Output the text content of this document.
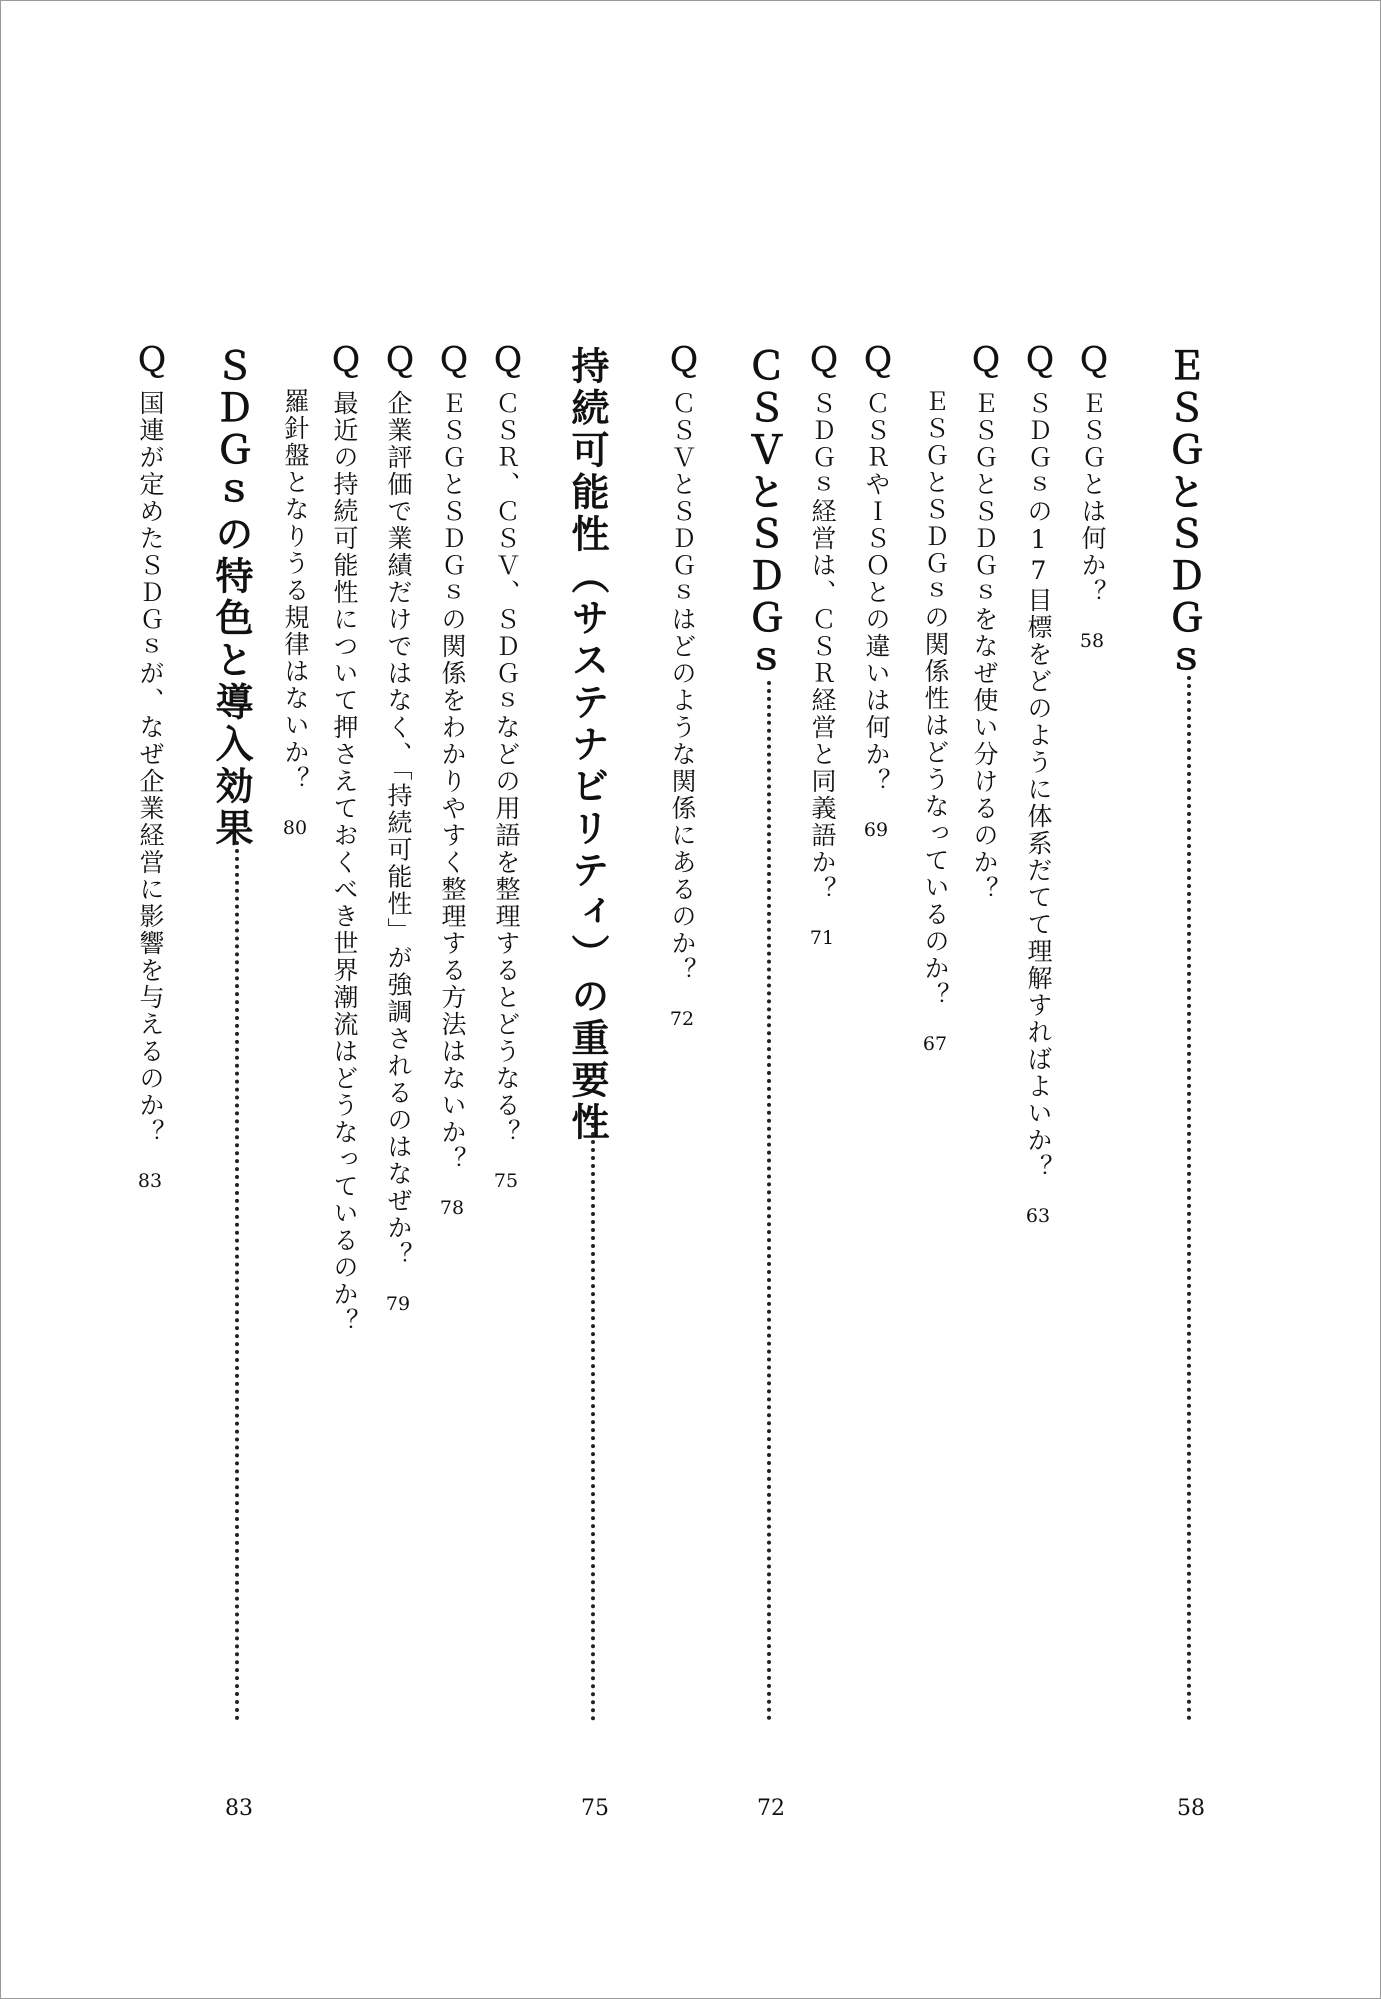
ＥＳＧとＳＤＧｓ
58
ＱＥＳＧとは何か？58
ＱＳＤＧｓの17目標をどのように体系だてて理解すればよいか？63
ＱＥＳＧとＳＤＧｓをなぜ使い分けるのか？
ＥＳＧとＳＤＧｓの関係性はどうなっているのか？67
ＱＣＳＲやＩＳＯとの違いは何か？69
ＱＳＤＧｓ経営は、ＣＳＲ経営と同義語か？71
ＣＳＶとＳＤＧｓ
72
ＱＣＳＶとＳＤＧｓはどのような関係にあるのか？72
持続可能性（サステナビリティ）の重要性
75
ＱＣＳＲ、ＣＳＶ、ＳＤＧｓなどの用語を整理するとどうなる？75
ＱＥＳＧとＳＤＧｓの関係をわかりやすく整理する方法はないか？78
Ｑ企業評価で業績だけではなく、「持続可能性」が強調されるのはなぜか？79
Ｑ最近の持続可能性について押さえておくべき世界潮流はどうなっているのか？
羅針盤となりうる規律はないか？80
ＳＤＧｓの特色と導入効果
83
Ｑ国連が定めたＳＤＧｓが、なぜ企業経営に影響を与えるのか？83
